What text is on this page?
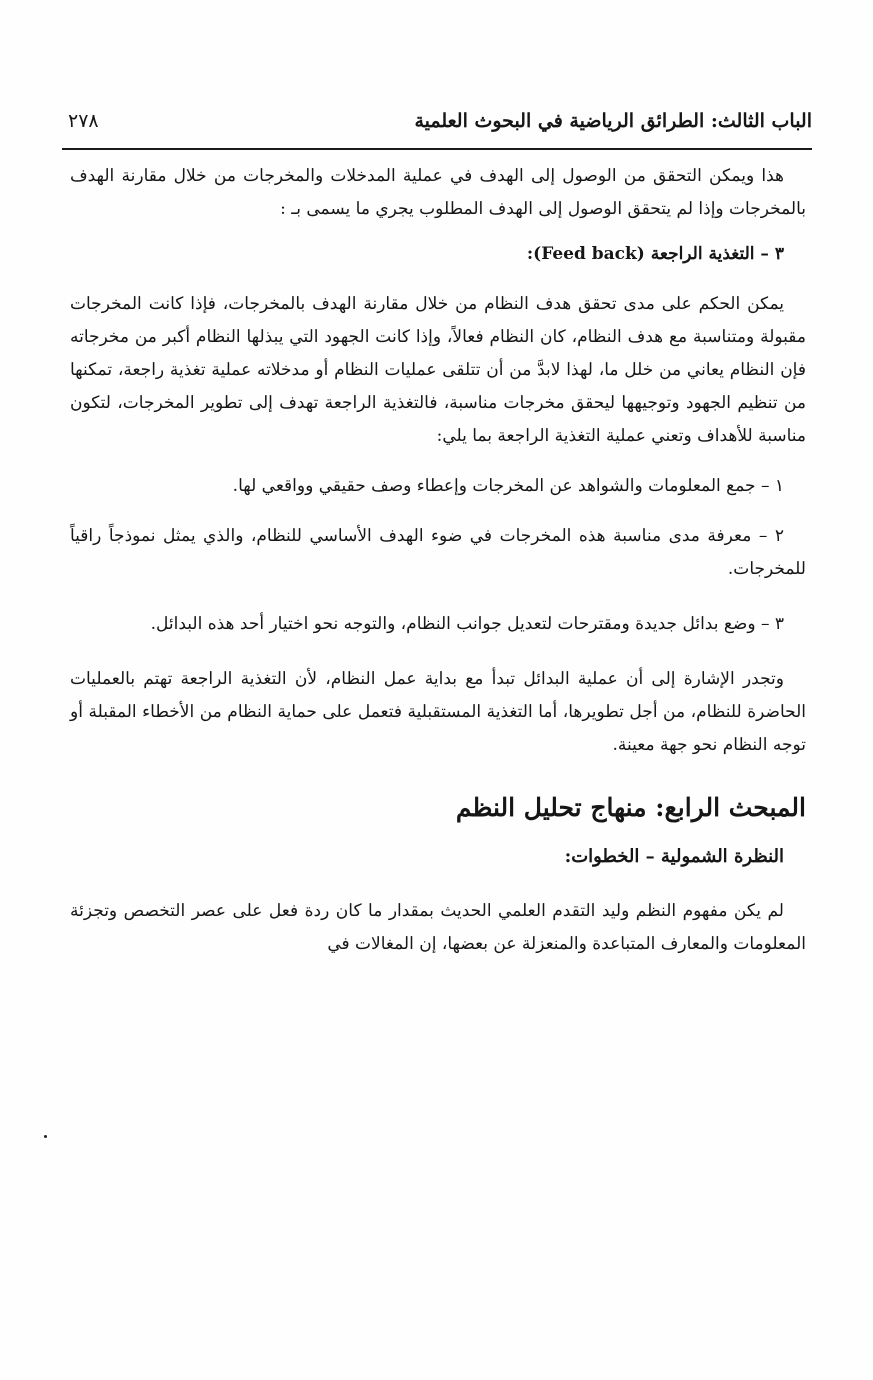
الباب الثالث: الطرائق الرياضية في البحوث العلمية
٢٧٨

هذا ويمكن التحقق من الوصول إلى الهدف في عملية المدخلات والمخرجات من خلال مقارنة الهدف بالمخرجات وإذا لم يتحقق الوصول إلى الهدف المطلوب يجري ما يسمى بـ :

٣ – التغذية الراجعة (Feed back):

يمكن الحكم على مدى تحقق هدف النظام من خلال مقارنة الهدف بالمخرجات، فإذا كانت المخرجات مقبولة ومتناسبة مع هدف النظام، كان النظام فعالاً، وإذا كانت الجهود التي يبذلها النظام أكبر من مخرجاته فإن النظام يعاني من خلل ما، لهذا لابدَّ من أن تتلقى عمليات النظام أو مدخلاته عملية تغذية راجعة، تمكنها من تنظيم الجهود وتوجيهها ليحقق مخرجات مناسبة، فالتغذية الراجعة تهدف إلى تطوير المخرجات، لتكون مناسبة للأهداف وتعني عملية التغذية الراجعة بما يلي:

١ – جمع المعلومات والشواهد عن المخرجات وإعطاء وصف حقيقي وواقعي لها.

٢ – معرفة مدى مناسبة هذه المخرجات في ضوء الهدف الأساسي للنظام، والذي يمثل نموذجاً راقياً للمخرجات.

٣ – وضع بدائل جديدة ومقترحات لتعديل جوانب النظام، والتوجه نحو اختيار أحد هذه البدائل.

وتجدر الإشارة إلى أن عملية البدائل تبدأ مع بداية عمل النظام، لأن التغذية الراجعة تهتم بالعمليات الحاضرة للنظام، من أجل تطويرها، أما التغذية المستقبلية فتعمل على حماية النظام من الأخطاء المقبلة أو توجه النظام نحو جهة معينة.

المبحث الرابع: منهاج تحليل النظم

النظرة الشمولية – الخطوات:

لم يكن مفهوم النظم وليد التقدم العلمي الحديث بمقدار ما كان ردة فعل على عصر التخصص وتجزئة المعلومات والمعارف المتباعدة والمنعزلة عن بعضها، إن المغالات في
